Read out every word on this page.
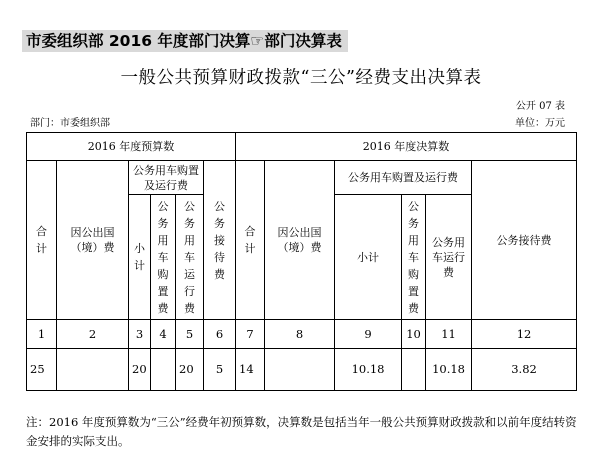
市委组织部 2016 年度部门决算☞部门决算表
一般公共预算财政拨款“三公”经费支出决算表
公开 07 表
部门：市委组织部	单位：万元
2016 年度预算数						2016 年度决算数					

合计	因公出国（境）费	公务用车购置及运行费			公务接待费	合计	因公出国（境）费	公务用车购置及运行费			公务接待费

		小计	公务用车购置费	公务用车运行费				小计	公务用车购置费	公务用车运行费	

1	2	3	4	5	6	7	8	9	10	11	12
25		20		20	5	14		10.18		10.18	3.82
注：2016 年度预算数为“三公”经费年初预算数，决算数是包括当年一般公共预算财政拨款和以前年度结转资金安排的实际支出。
